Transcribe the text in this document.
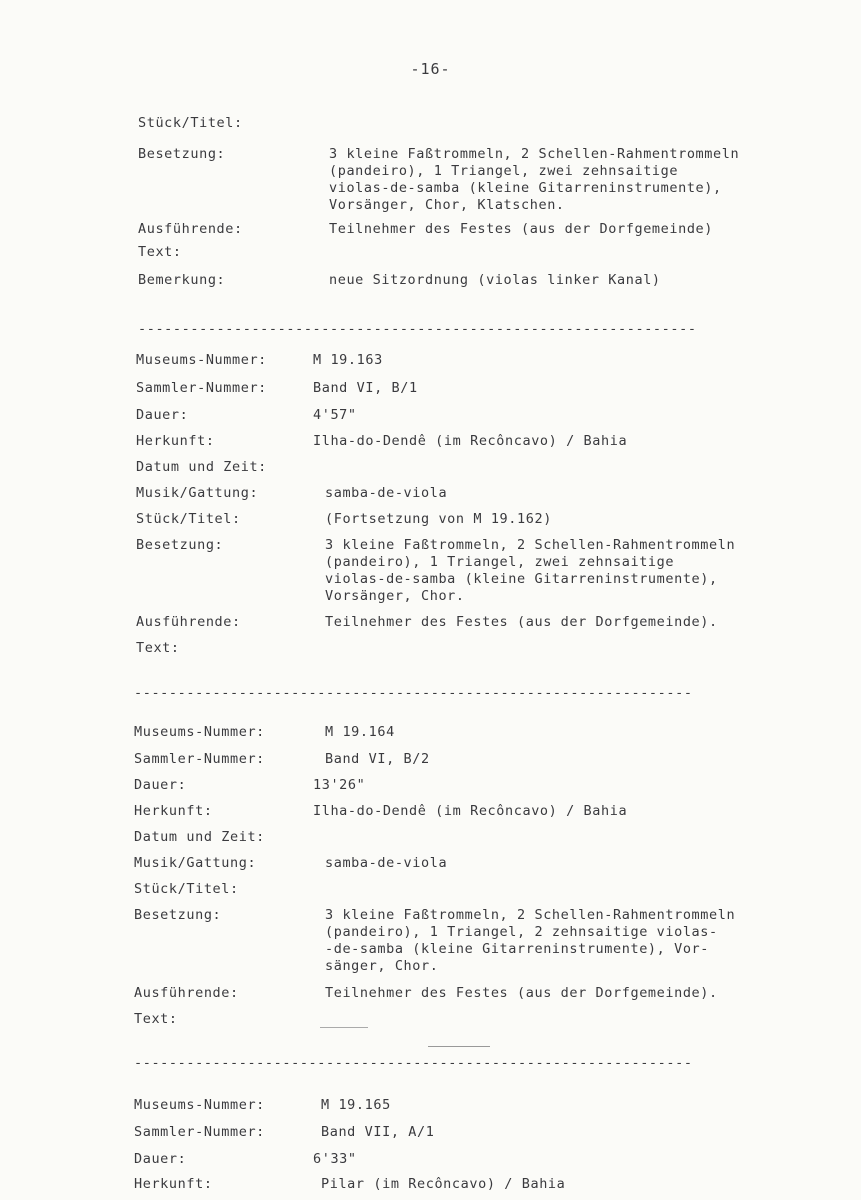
-16-
Stück/Titel:
Besetzung:	3 kleine Faßtrommeln, 2 Schellen-Rahmentrommeln
(pandeiro), 1 Triangel, zwei zehnsaitige
violas-de-samba (kleine Gitarreninstrumente),
Vorsänger, Chor, Klatschen.
Ausführende:	Teilnehmer des Festes (aus der Dorfgemeinde)
Text:
Bemerkung:	neue Sitzordnung (violas linker Kanal)
----------------------------------------------------------------
Museums-Nummer:	M 19.163
Sammler-Nummer:	Band VI, B/1
Dauer:	4'57"
Herkunft:	Ilha-do-Dendê (im Recôncavo) / Bahia
Datum und Zeit:
Musik/Gattung:	samba-de-viola
Stück/Titel:	(Fortsetzung von M 19.162)
Besetzung:	3 kleine Faßtrommeln, 2 Schellen-Rahmentrommeln
(pandeiro), 1 Triangel, zwei zehnsaitige
violas-de-samba (kleine Gitarreninstrumente),
Vorsänger, Chor.
Ausführende:	Teilnehmer des Festes (aus der Dorfgemeinde).
Text:
----------------------------------------------------------------
Museums-Nummer:	M 19.164
Sammler-Nummer:	Band VI, B/2
Dauer:	13'26"
Herkunft:	Ilha-do-Dendê (im Recôncavo) / Bahia
Datum und Zeit:
Musik/Gattung:	samba-de-viola
Stück/Titel:
Besetzung:	3 kleine Faßtrommeln, 2 Schellen-Rahmentrommeln
(pandeiro), 1 Triangel, 2 zehnsaitige violas-
-de-samba (kleine Gitarreninstrumente), Vor-
sänger, Chor.
Ausführende:	Teilnehmer des Festes (aus der Dorfgemeinde).
Text:
----------------------------------------------------------------
Museums-Nummer:	M 19.165
Sammler-Nummer:	Band VII, A/1
Dauer:	6'33"
Herkunft:	Pilar (im Recôncavo) / Bahia
